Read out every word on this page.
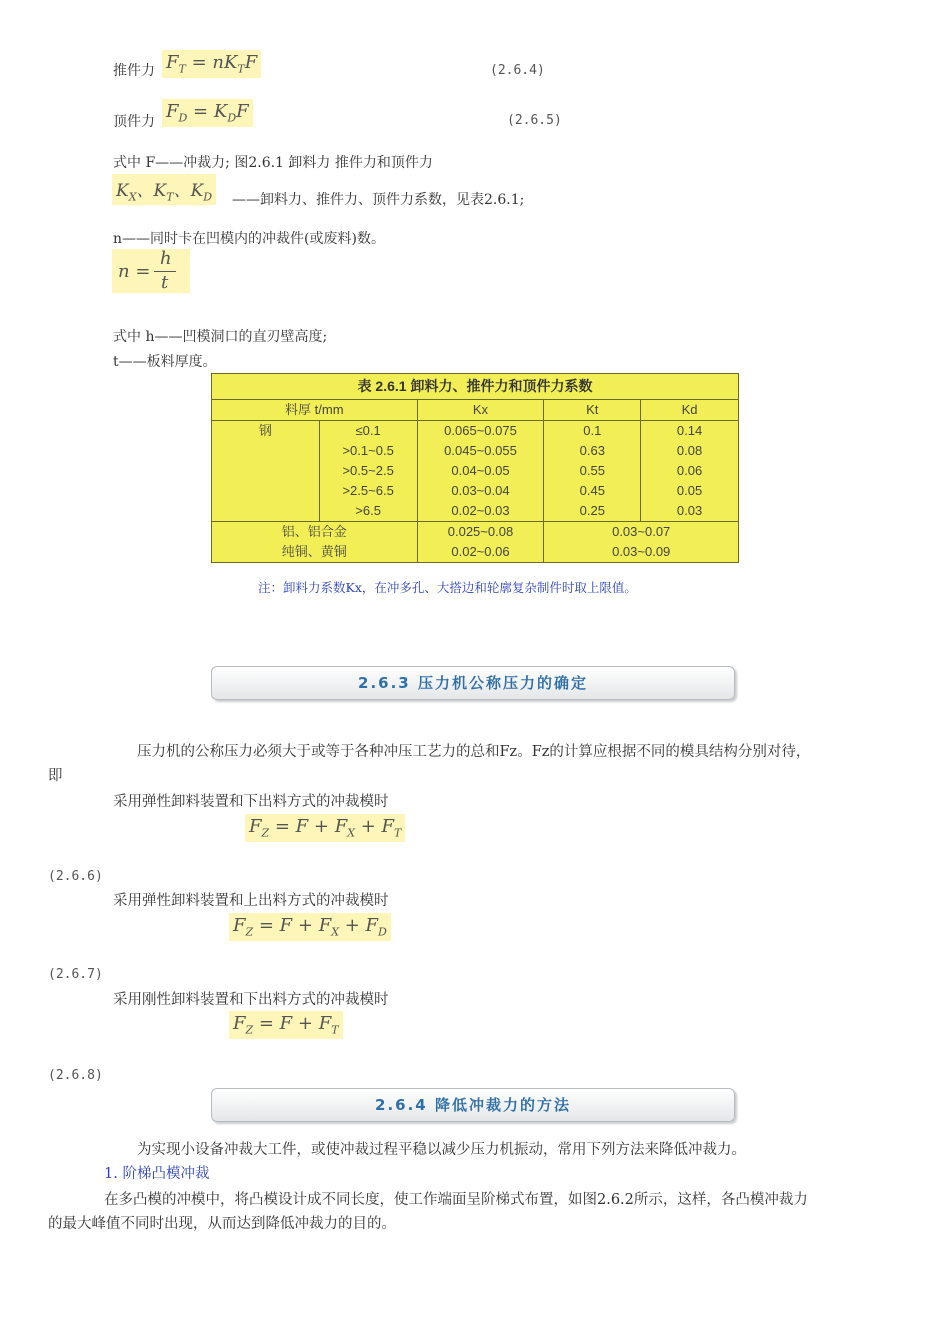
推件力 $F_T = nK_TF$	(2.6.4)
顶件力 $F_D = K_DF$	(2.6.5)
式中 F——冲裁力; 图2.6.1 卸料力 推件力和顶件力
$K_X$、$K_T$、$K_D$ ——卸料力、推件力、顶件力系数，见表2.6.1;
n——同时卡在凹模内的冲裁件(或废料)数。
n =
h
t
式中 h——凹模洞口的直刃壁高度;
t——板料厚度。
表 2.6.1 卸料力、推件力和顶件力系数				
料厚 t/mm		Kx	Kt	Kd
钢	≤0.1	0.065~0.075	0.1	0.14
	>0.1~0.5	0.045~0.055	0.63	0.08
	>0.5~2.5	0.04~0.05	0.55	0.06
	>2.5~6.5	0.03~0.04	0.45	0.05
	>6.5	0.02~0.03	0.25	0.03
铝、铝合金		0.025~0.08	0.03~0.07	
纯铜、黄铜		0.02~0.06	0.03~0.09	
注：卸料力系数Kx，在冲多孔、大搭边和轮廓复杂制件时取上限值。
2.6.3 压力机公称压力的确定
压力机的公称压力必须大于或等于各种冲压工艺力的总和Fz。Fz的计算应根据不同的模具结构分别对待，
即
采用弹性卸料装置和下出料方式的冲裁模时
$F_Z = F + F_X + F_T$
(2.6.6)
采用弹性卸料装置和上出料方式的冲裁模时
$F_Z = F + F_X + F_D$
(2.6.7)
采用刚性卸料装置和下出料方式的冲裁模时
$F_Z = F + F_T$
(2.6.8)
2.6.4 降低冲裁力的方法
为实现小设备冲裁大工件，或使冲裁过程平稳以减少压力机振动，常用下列方法来降低冲裁力。
1. 阶梯凸模冲裁
在多凸模的冲模中，将凸模设计成不同长度，使工作端面呈阶梯式布置，如图2.6.2所示，这样，各凸模冲裁力
的最大峰值不同时出现，从而达到降低冲裁力的目的。
